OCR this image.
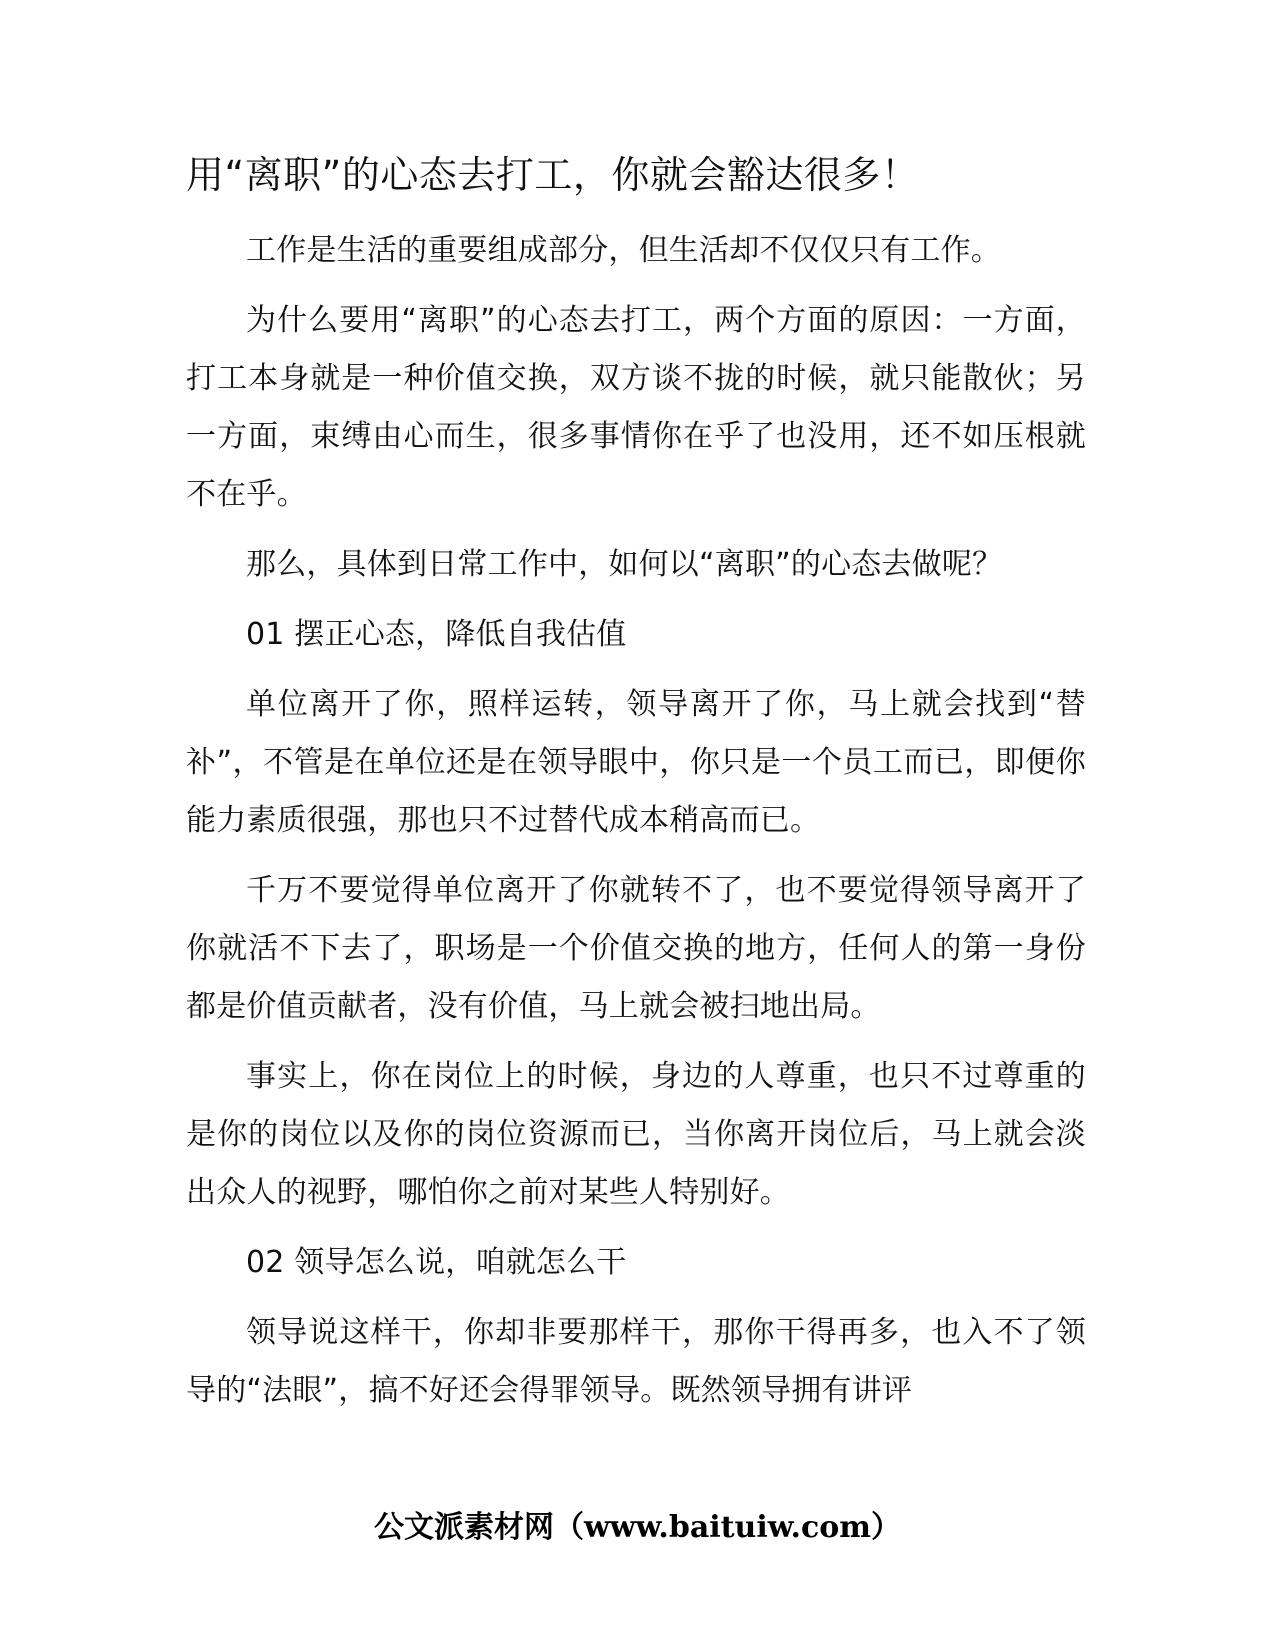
用“离职”的心态去打工，你就会豁达很多！

工作是生活的重要组成部分，但生活却不仅仅只有工作。

为什么要用“离职”的心态去打工，两个方面的原因：一方面，打工本身就是一种价值交换，双方谈不拢的时候，就只能散伙；另一方面，束缚由心而生，很多事情你在乎了也没用，还不如压根就不在乎。

那么，具体到日常工作中，如何以“离职”的心态去做呢？

01 摆正心态，降低自我估值

单位离开了你，照样运转，领导离开了你，马上就会找到“替补”，不管是在单位还是在领导眼中，你只是一个员工而已，即便你能力素质很强，那也只不过替代成本稍高而已。

千万不要觉得单位离开了你就转不了，也不要觉得领导离开了你就活不下去了，职场是一个价值交换的地方，任何人的第一身份都是价值贡献者，没有价值，马上就会被扫地出局。

事实上，你在岗位上的时候，身边的人尊重，也只不过尊重的是你的岗位以及你的岗位资源而已，当你离开岗位后，马上就会淡出众人的视野，哪怕你之前对某些人特别好。

02 领导怎么说，咱就怎么干

领导说这样干，你却非要那样干，那你干得再多，也入不了领导的“法眼”，搞不好还会得罪领导。既然领导拥有讲评

公文派素材网（www.baituiw.com）
